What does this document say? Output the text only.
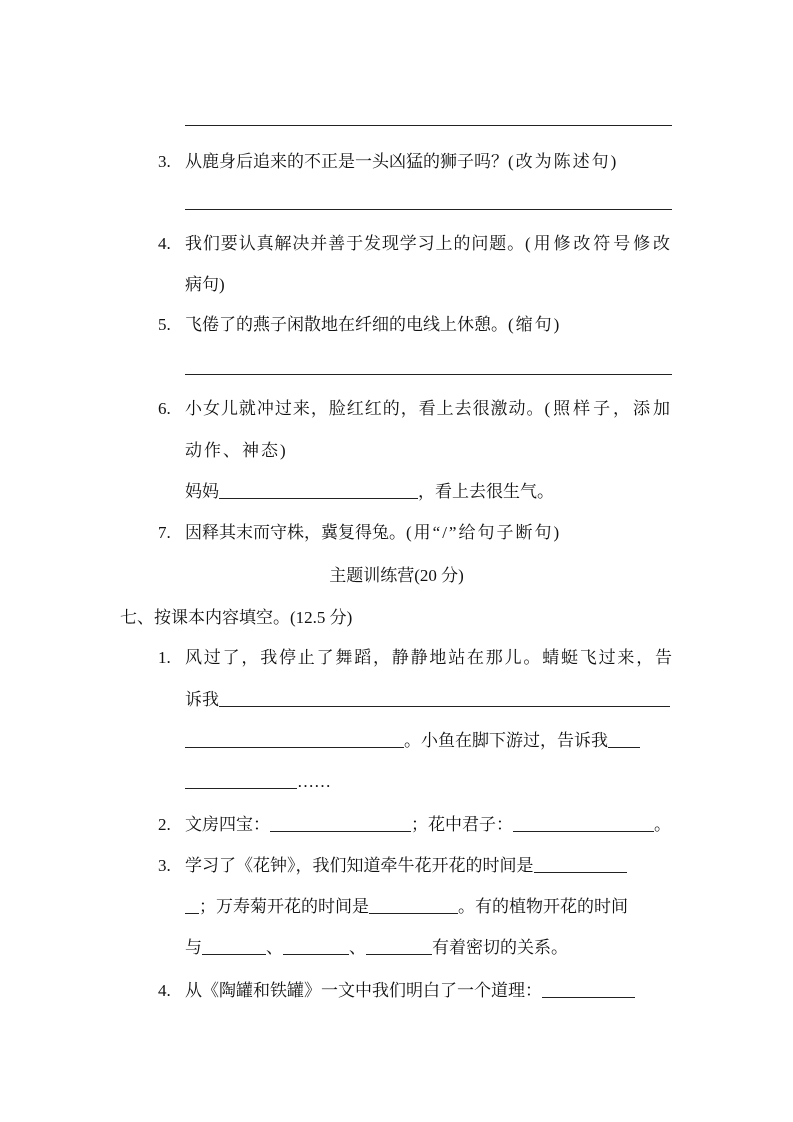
3. 从鹿身后追来的不正是一头凶猛的狮子吗？(改为陈述句)
4. 我们要认真解决并善于发现学习上的问题。(用修改符号修改
病句)
5. 飞倦了的燕子闲散地在纤细的电线上休憩。(缩句)
6. 小女儿就冲过来，脸红红的，看上去很激动。(照样子，添加
动作、神态)
妈妈	，看上去很生气。
7. 因释其末而守株，冀复得兔。(用“/”给句子断句)
主题训练营(20 分)
七、按课本内容填空。(12.5 分)
1. 风过了，我停止了舞蹈，静静地站在那儿。蜻蜓飞过来，告
诉我
。小鱼在脚下游过，告诉我
……
2. 文房四宝：	；花中君子：	。
3. 学习了《花钟》，我们知道牵牛花开花的时间是
；万寿菊开花的时间是	。有的植物开花的时间
与	、	、	有着密切的关系。
4. 从《陶罐和铁罐》一文中我们明白了一个道理：
